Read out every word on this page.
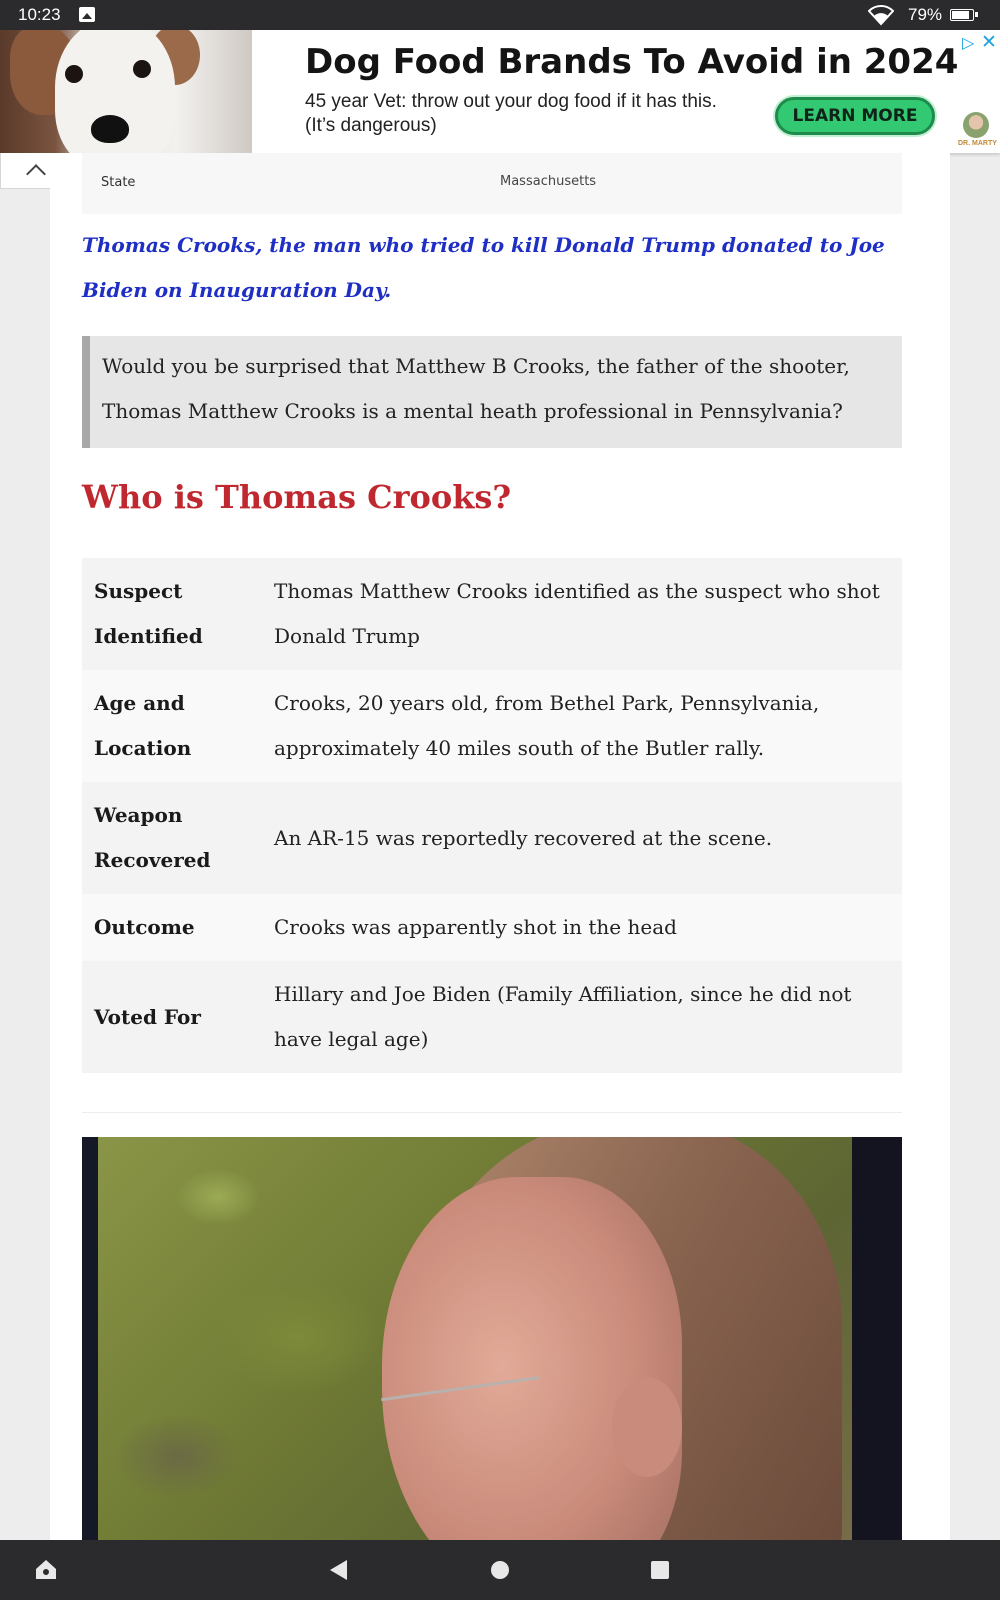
10:23	79%
Dog Food Brands To Avoid in 2024
45 year Vet: throw out your dog food if it has this. (It’s dangerous)	LEARN MORE
▷ ✕
DR. MARTY
State	Massachusetts
Thomas Crooks, the man who tried to kill Donald Trump donated to Joe Biden on Inauguration Day.
Would you be surprised that Matthew B Crooks, the father of the shooter, Thomas Matthew Crooks is a mental heath professional in Pennsylvania?
Who is Thomas Crooks?
Suspect Identified	Thomas Matthew Crooks identified as the suspect who shot Donald Trump
Age and Location	Crooks, 20 years old, from Bethel Park, Pennsylvania, approximately 40 miles south of the Butler rally.
Weapon Recovered	An AR-15 was reportedly recovered at the scene.
Outcome	Crooks was apparently shot in the head
Voted For	Hillary and Joe Biden (Family Affiliation, since he did not have legal age)
